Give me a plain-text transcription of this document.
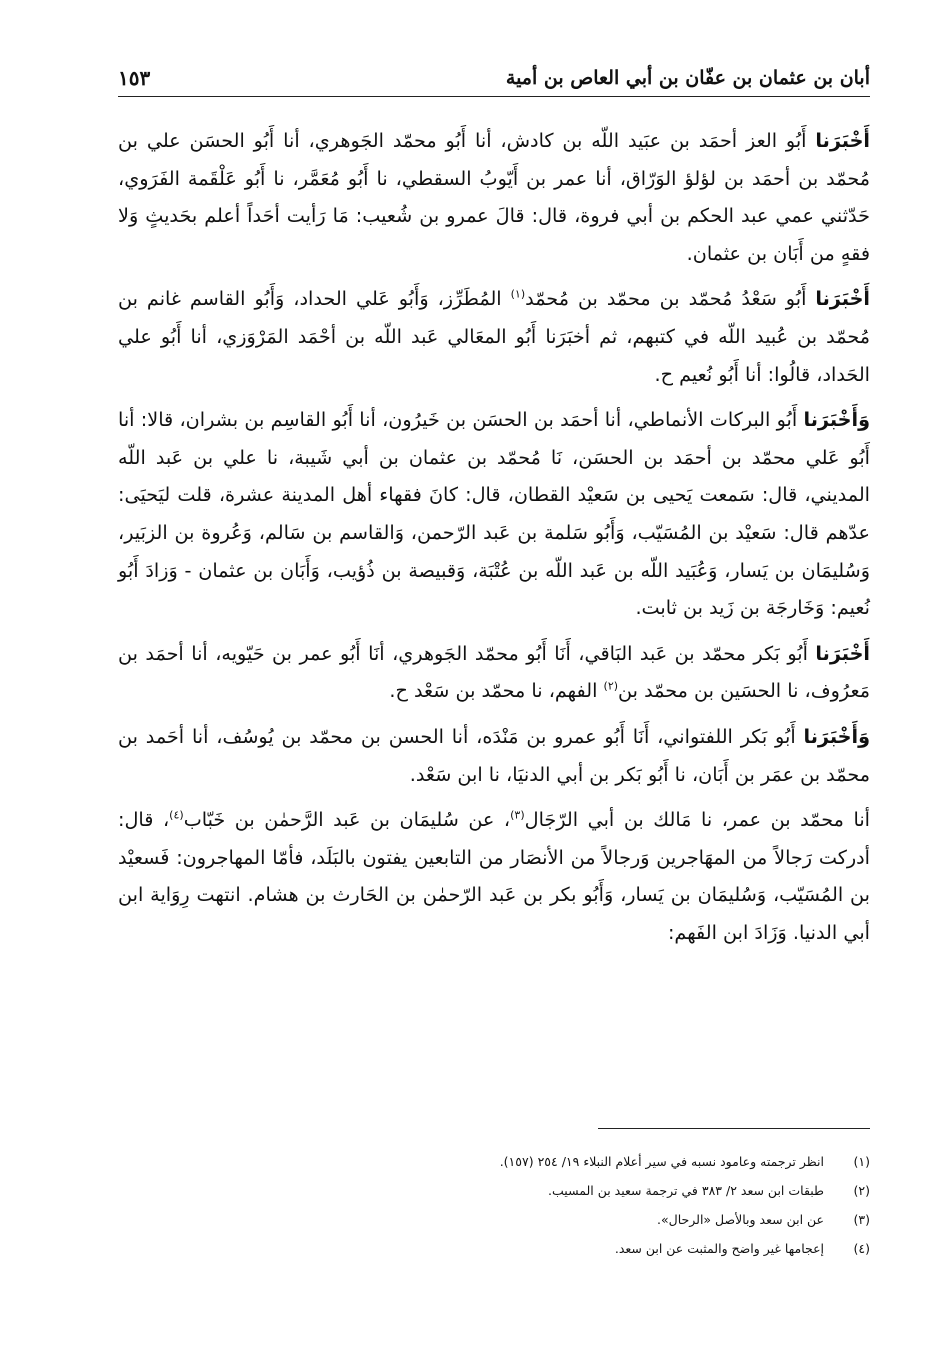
أبان بن عثمان بن عفّان بن أبي العاص بن أمية
١٥٣

أَخْبَرَنا أَبُو العز أحمَد بن عبَيد اللّه بن كادش، أنا أَبُو محمّد الجَوهري، أنا أَبُو الحسَن علي بن مُحمّد بن أحمَد بن لؤلؤ الوَرّاق، أنا عمر بن أَيّوبُ السقطي، نا أَبُو مُعَمَّر، نا أَبُو عَلْقَمة الفَرَوي، حَدّثني عمي عبد الحكم بن أبي فروة، قال: قالَ عمرو بن شُعيب: مَا رَأيت أحَداً أعلم بحَديثٍ وَلا فقهٍ من أَبَان بن عثمان.

أَخْبَرَنا أَبُو سَعْدُ مُحمّد بن محمّد بن مُحمّد$^{(١)}$ المُطَرِّز، وَأَبُو عَلي الحداد، وَأَبُو القاسم غانم بن مُحمّد بن عُبيد اللّه في كتبهم، ثم أخبَرَنا أَبُو المعَالي عَبد اللّه بن أحْمَد المَرْوَزي، أنا أَبُو علي الحَداد، قالُوا: أنا أَبُو نُعيم ح.

وَأَخْبَرَنا أَبُو البركات الأنماطي، أنا أحمَد بن الحسَن بن خَيرُون، أنا أَبُو القاسِم بن بشران، قالا: أنا أَبُو عَلي محمّد بن أحمَد بن الحسَن، نَا مُحمّد بن عثمان بن أبي شَيبة، نا علي بن عَبد اللّه المديني، قال: سَمعت يَحيى بن سَعيْد القطان، قال: كانَ فقهاء أهل المدينة عشرة، قلت ليَحيَى: عدّهم قال: سَعيْد بن المُسَيّب، وَأَبُو سَلمة بن عَبد الرّحمن، وَالقاسم بن سَالم، وَعُروة بن الزبَير، وَسُليمَان بن يَسار، وَعُبَيد اللّه بن عَبد اللّه بن عُتْبَة، وَقبيصة بن ذُؤيب، وَأَبَان بن عثمان - وَزادَ أَبُو نُعيم: وَخَارجَة بن زَيد بن ثابت.

أَخْبَرَنا أَبُو بَكر محمّد بن عَبد البَاقي، أَنَا أَبُو محمّد الجَوهري، أنَا أَبُو عمر بن حَيّويه، أنا أحمَد بن مَعرُوف، نا الحسَين بن محمّد بن$^{(٢)}$ الفهم، نا محمّد بن سَعْد ح.

وَأَخْبَرَنا أَبُو بَكر اللفتواني، أَنَا أَبُو عمرو بن مَنْدَه، أنا الحسن بن محمّد بن يُوسُف، أنا أحَمد بن محمّد بن عمَر بن أَبَان، نا أَبُو بَكر بن أبي الدنيَا، نا ابن سَعْد.

أنا محمّد بن عمر، نا مَالك بن أبي الرّجَال$^{(٣)}$، عن سُليمَان بن عَبد الرَّحمٰن بن خَبّاب$^{(٤)}$، قال: أدركت رَجالاً من المهَاجرين وَرجالاً من الأنصَار من التابعين يفتون بالبَلَد، فأمّا المهاجرون: فَسعيْد بن المُسَيّب، وَسُليمَان بن يَسار، وَأَبُو بكر بن عَبد الرّحمٰن بن الحَارث بن هشام. انتهت رِوَاية ابن أبي الدنيا. وَزَادَ ابن الفَهم:

(١)
انظر ترجمته وعامود نسبه في سير أعلام النبلاء ١٩/ ٢٥٤ (١٥٧).
(٢)
طبقات ابن سعد ٢/ ٣٨٣ في ترجمة سعيد بن المسيب.
(٣)
عن ابن سعد وبالأصل «الرحال».
(٤)
إعجامها غير واضح والمثبت عن ابن سعد.
